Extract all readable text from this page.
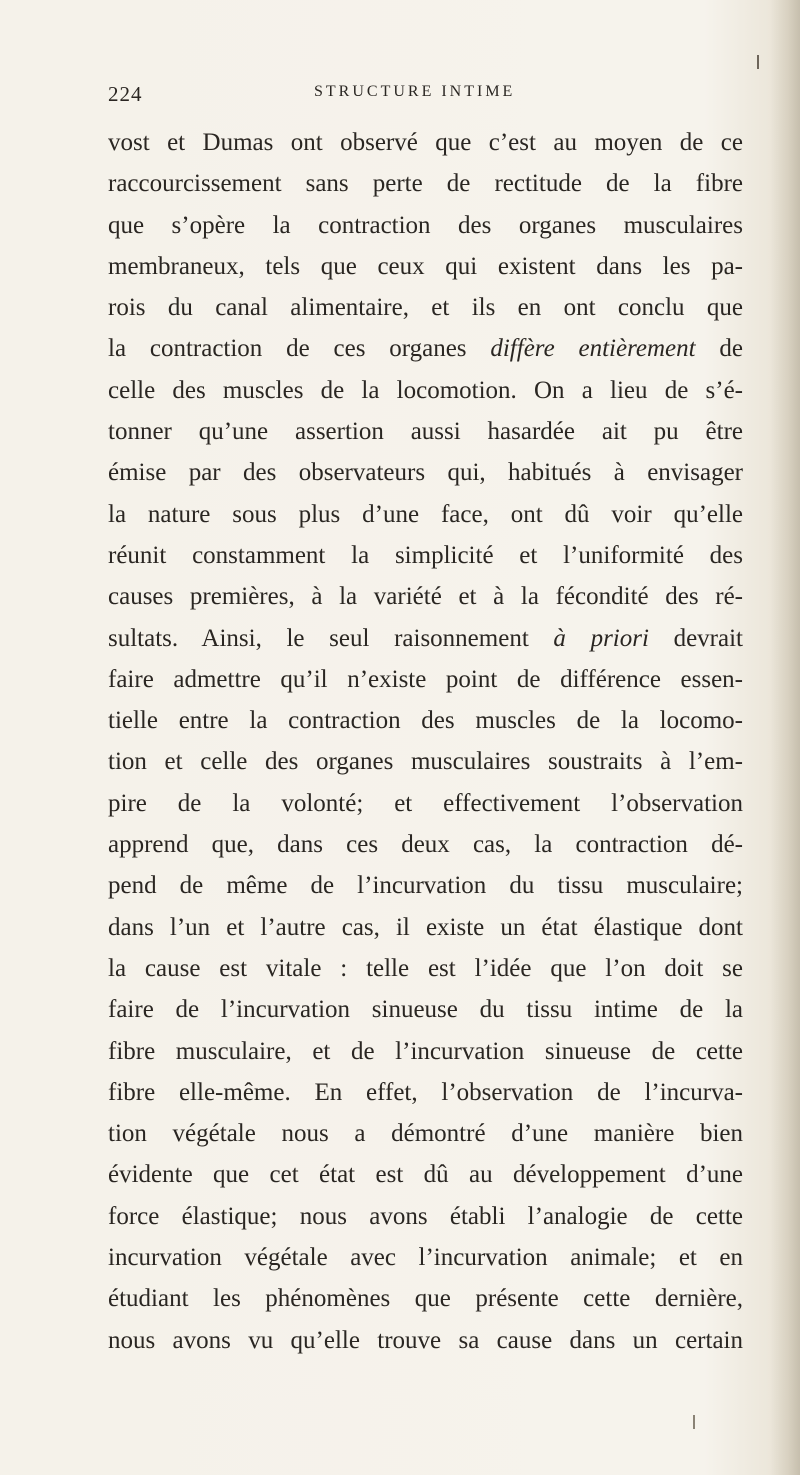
224	STRUCTURE INTIME
vost et Dumas ont observé que c’est au moyen de ce
raccourcissement sans perte de rectitude de la fibre
que s’opère la contraction des organes musculaires
membraneux, tels que ceux qui existent dans les pa-
rois du canal alimentaire, et ils en ont conclu que
la contraction de ces organes diffère entièrement de
celle des muscles de la locomotion. On a lieu de s’é-
tonner qu’une assertion aussi hasardée ait pu être
émise par des observateurs qui, habitués à envisager
la nature sous plus d’une face, ont dû voir qu’elle
réunit constamment la simplicité et l’uniformité des
causes premières, à la variété et à la fécondité des ré-
sultats. Ainsi, le seul raisonnement à priori devrait
faire admettre qu’il n’existe point de différence essen-
tielle entre la contraction des muscles de la locomo-
tion et celle des organes musculaires soustraits à l’em-
pire de la volonté; et effectivement l’observation
apprend que, dans ces deux cas, la contraction dé-
pend de même de l’incurvation du tissu musculaire;
dans l’un et l’autre cas, il existe un état élastique dont
la cause est vitale : telle est l’idée que l’on doit se
faire de l’incurvation sinueuse du tissu intime de la
fibre musculaire, et de l’incurvation sinueuse de cette
fibre elle-même. En effet, l’observation de l’incurva-
tion végétale nous a démontré d’une manière bien
évidente que cet état est dû au développement d’une
force élastique; nous avons établi l’analogie de cette
incurvation végétale avec l’incurvation animale; et en
étudiant les phénomènes que présente cette dernière,
nous avons vu qu’elle trouve sa cause dans un certain
